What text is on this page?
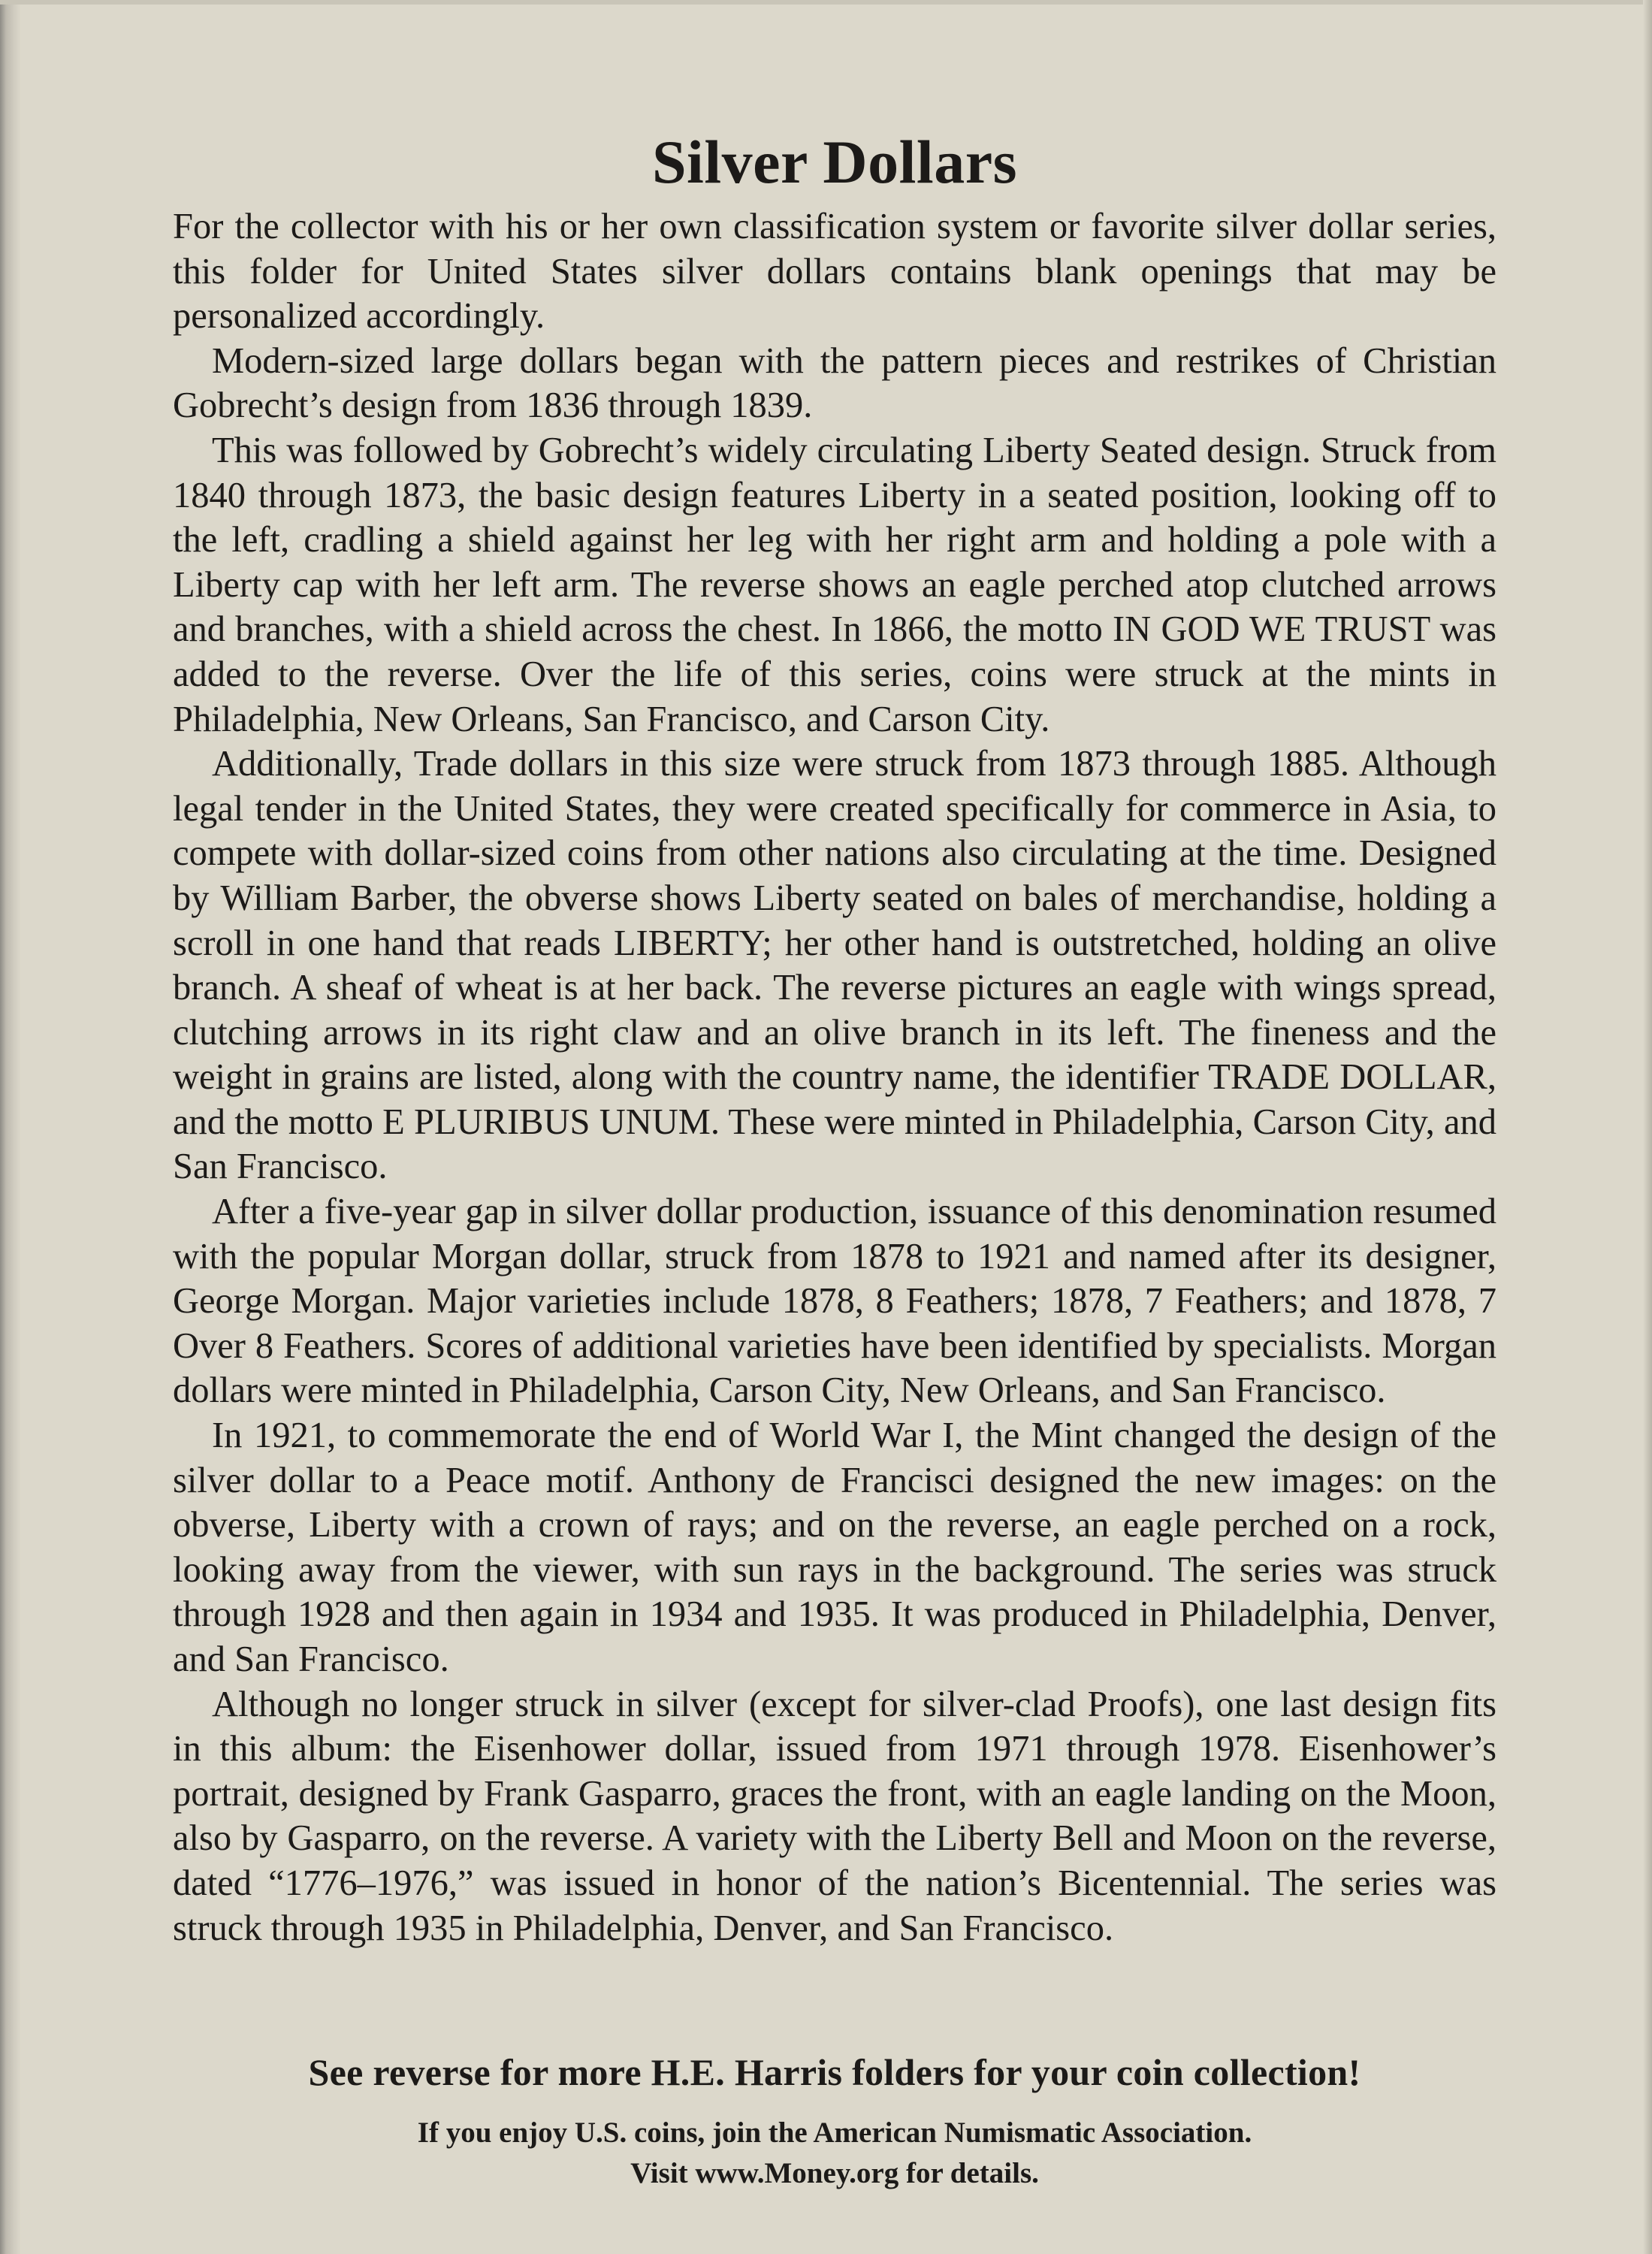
Silver Dollars

For the collector with his or her own classification system or favorite silver dollar series, this folder for United States silver dollars contains blank openings that may be personalized accordingly.

Modern-sized large dollars began with the pattern pieces and restrikes of Christian Gobrecht’s design from 1836 through 1839.

This was followed by Gobrecht’s widely circulating Liberty Seated design. Struck from 1840 through 1873, the basic design features Liberty in a seated position, looking off to the left, cradling a shield against her leg with her right arm and holding a pole with a Liberty cap with her left arm. The reverse shows an eagle perched atop clutched arrows and branches, with a shield across the chest. In 1866, the motto IN GOD WE TRUST was added to the reverse. Over the life of this series, coins were struck at the mints in Philadelphia, New Orleans, San Francisco, and Carson City.

Additionally, Trade dollars in this size were struck from 1873 through 1885. Although legal tender in the United States, they were created specifically for commerce in Asia, to compete with dollar-sized coins from other nations also circulating at the time. Designed by William Barber, the obverse shows Liberty seated on bales of merchandise, holding a scroll in one hand that reads LIBERTY; her other hand is outstretched, holding an olive branch. A sheaf of wheat is at her back. The reverse pictures an eagle with wings spread, clutching arrows in its right claw and an olive branch in its left. The fineness and the weight in grains are listed, along with the country name, the identifier TRADE DOLLAR, and the motto E PLURIBUS UNUM. These were minted in Philadelphia, Carson City, and San Francisco.

After a five-year gap in silver dollar production, issuance of this denomination resumed with the popular Morgan dollar, struck from 1878 to 1921 and named after its designer, George Morgan. Major varieties include 1878, 8 Feathers; 1878, 7 Feathers; and 1878, 7 Over 8 Feathers. Scores of additional varieties have been identified by specialists. Morgan dollars were minted in Philadelphia, Carson City, New Orleans, and San Francisco.

In 1921, to commemorate the end of World War I, the Mint changed the design of the silver dollar to a Peace motif. Anthony de Francisci designed the new images: on the obverse, Liberty with a crown of rays; and on the reverse, an eagle perched on a rock, looking away from the viewer, with sun rays in the background. The series was struck through 1928 and then again in 1934 and 1935. It was produced in Philadelphia, Denver, and San Francisco.

Although no longer struck in silver (except for silver-clad Proofs), one last design fits in this album: the Eisenhower dollar, issued from 1971 through 1978. Eisenhower’s portrait, designed by Frank Gasparro, graces the front, with an eagle landing on the Moon, also by Gasparro, on the reverse. A variety with the Liberty Bell and Moon on the reverse, dated “1776–1976,” was issued in honor of the nation’s Bicentennial. The series was struck through 1935 in Philadelphia, Denver, and San Francisco.

See reverse for more H.E. Harris folders for your coin collection!

If you enjoy U.S. coins, join the American Numismatic Association.
Visit www.Money.org for details.
